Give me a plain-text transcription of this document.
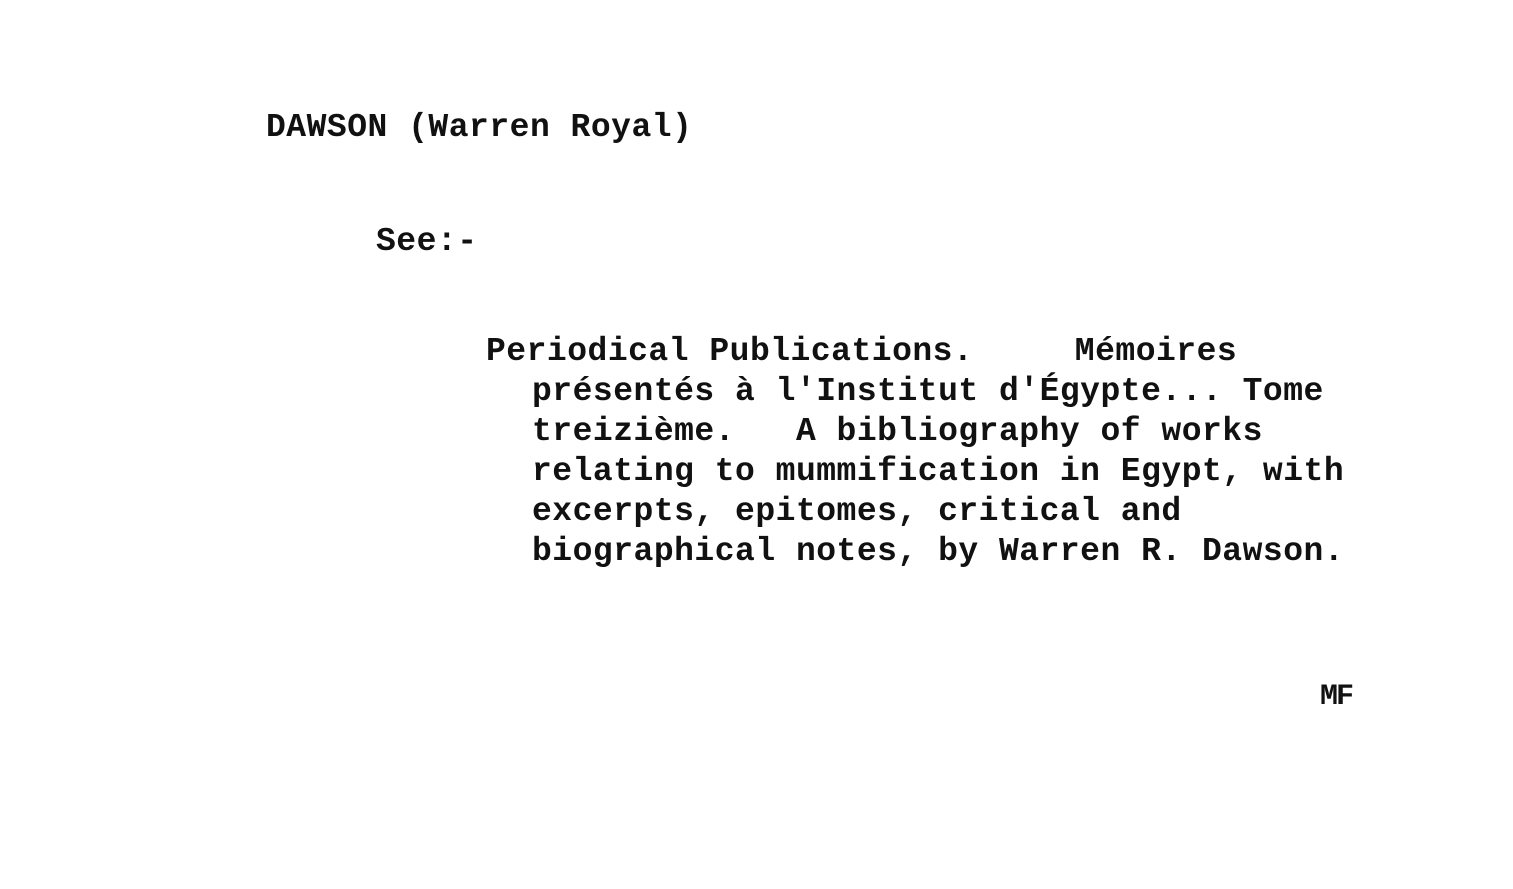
DAWSON (Warren Royal)
See:-
Periodical Publications.     Mémoires
présentés à l'Institut d'Égypte... Tome
treizième.   A bibliography of works
relating to mummification in Egypt, with
excerpts, epitomes, critical and
biographical notes, by Warren R. Dawson.
MF
